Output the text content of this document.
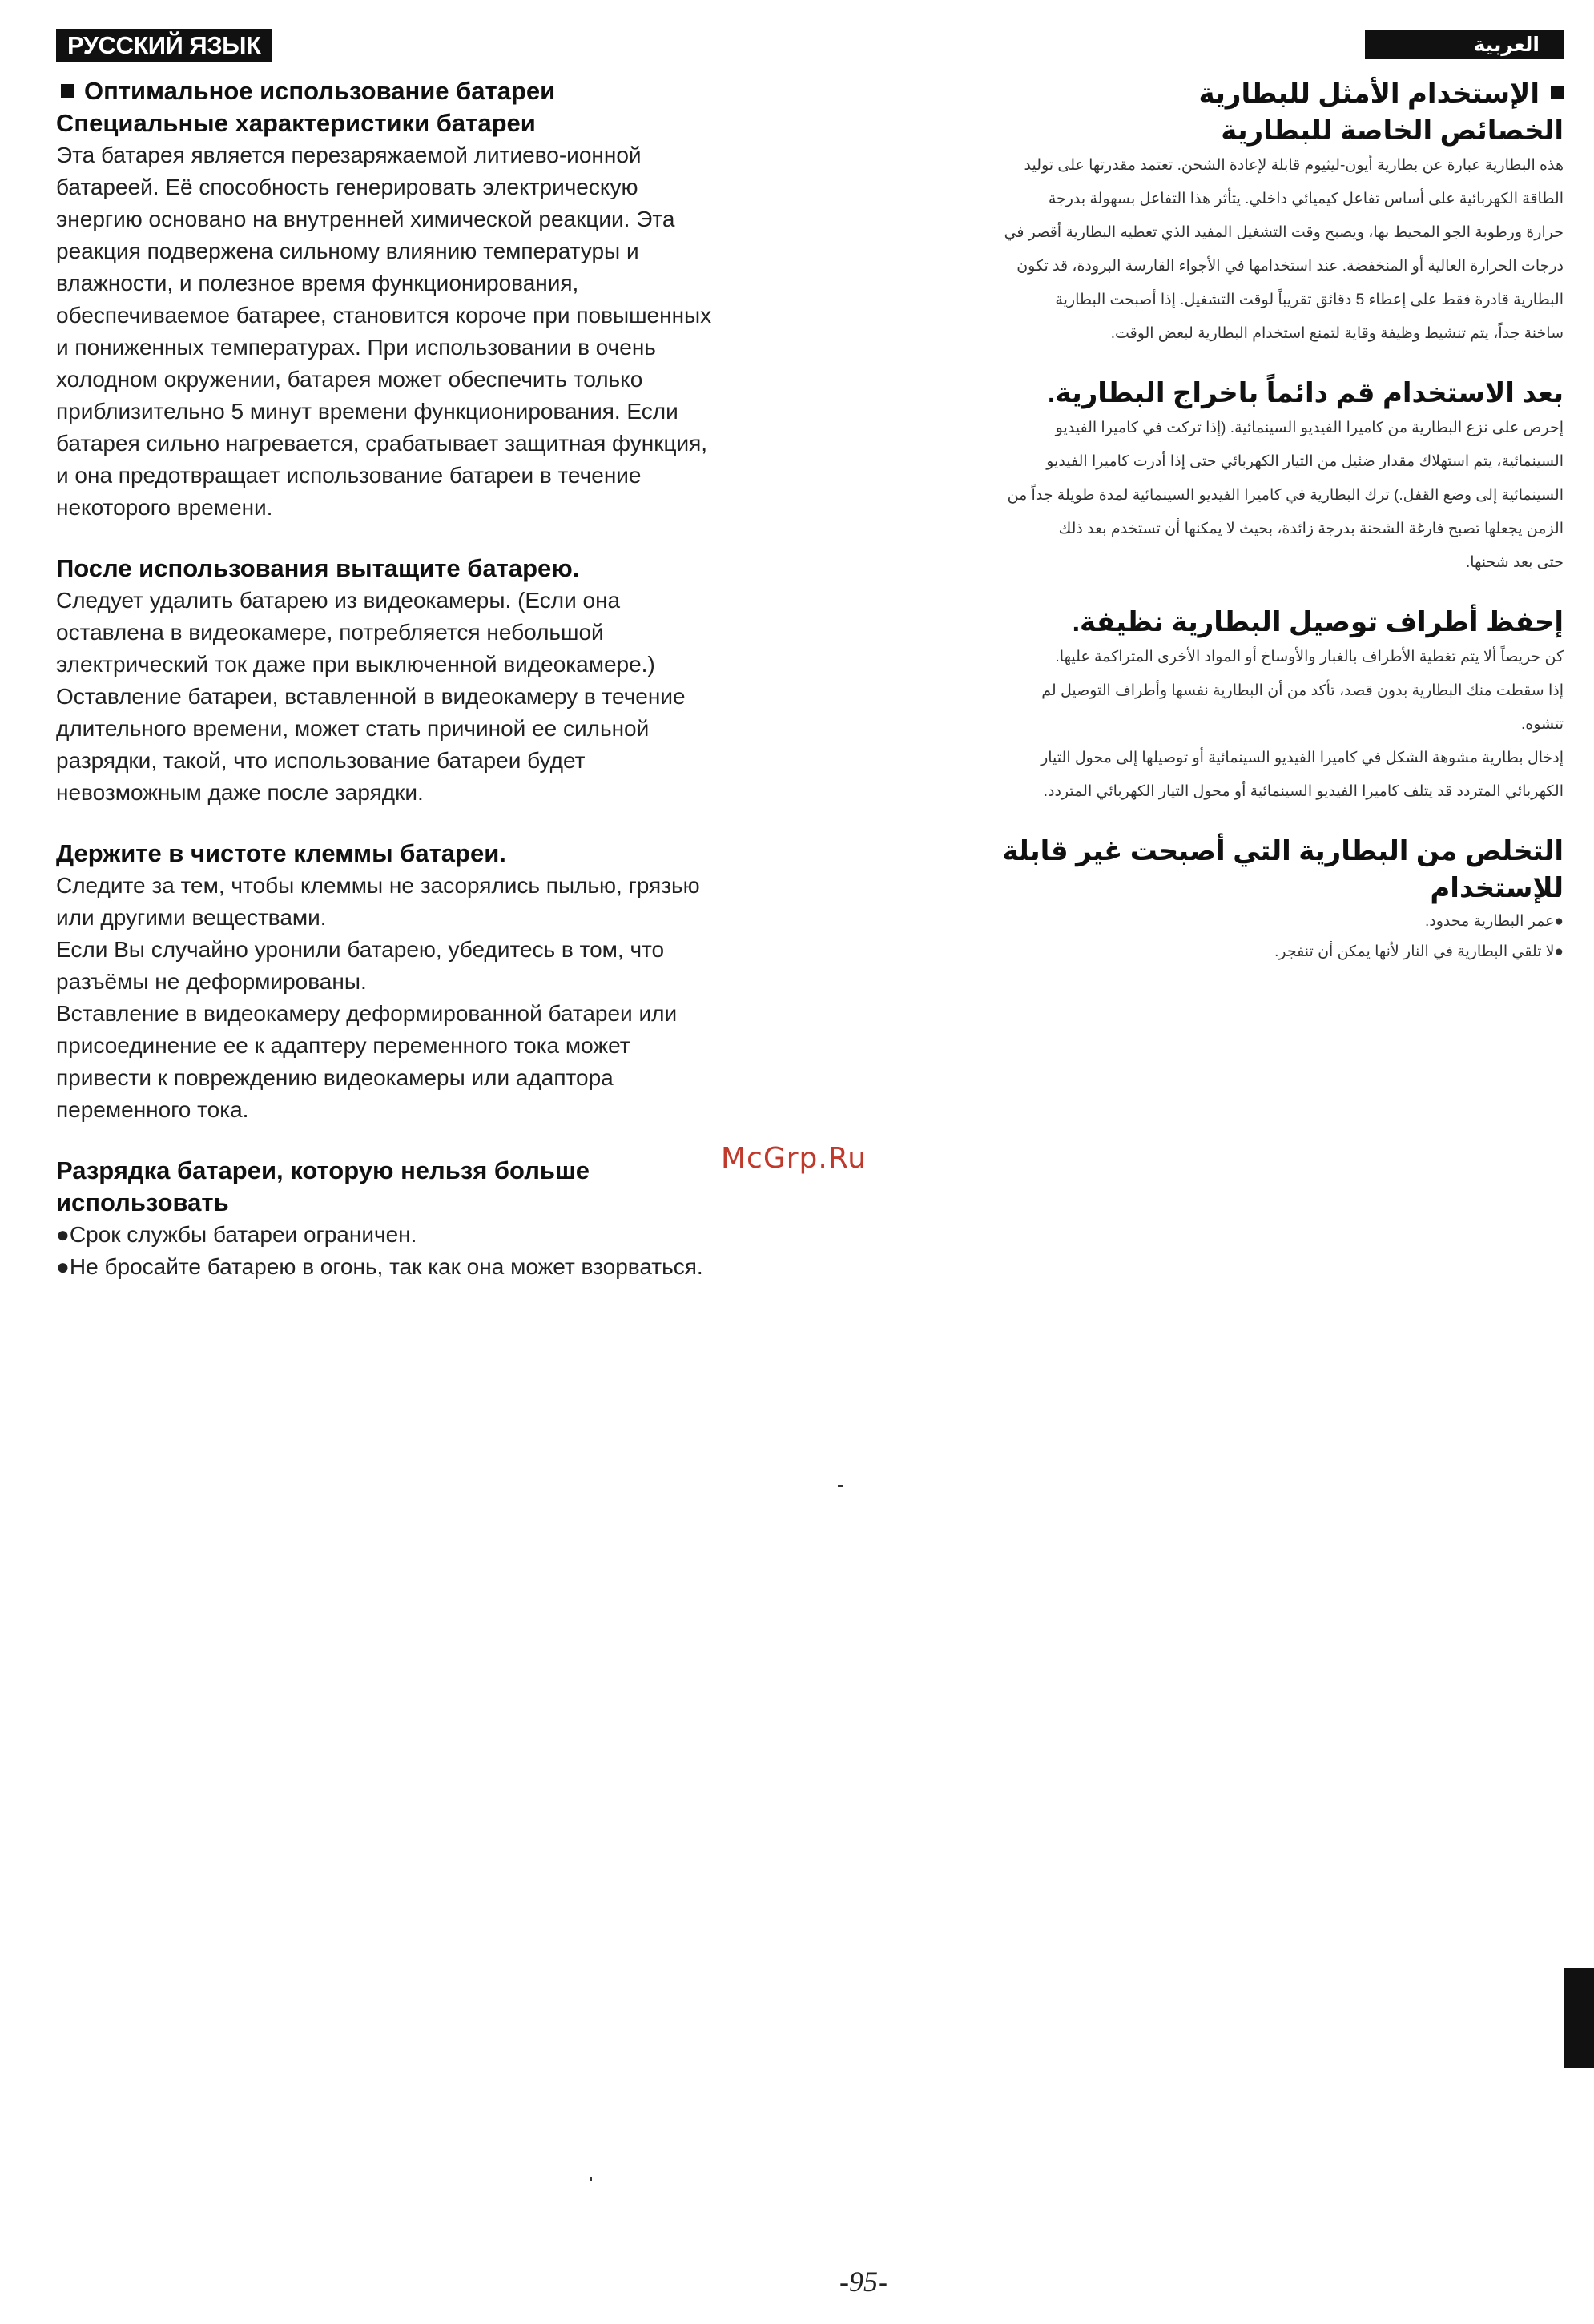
РУССКИЙ ЯЗЫК	العربية
Оптимальное использование батареи
Специальные характеристики батареи

Эта батарея является перезаряжаемой литиево-ионной

батареей. Её способность генерировать электрическую

энергию основано на внутренней химической реакции. Эта

реакция подвержена сильному влиянию температуры и

влажности, и полезное время функционирования,

обеспечиваемое батарее, становится короче при повышенных

и пониженных температурах. При использовании в очень

холодном окружении, батарея может обеспечить только

приблизительно 5 минут времени функционирования. Если

батарея сильно нагревается, срабатывает защитная функция,

и она предотвращает использование батареи в течение

некоторого времени.

После использования вытащите батарею.

Следует удалить батарею из видеокамеры. (Если она

оставлена в видеокамере, потребляется небольшой

электрический ток даже при выключенной видеокамере.)

Оставление батареи, вставленной в видеокамеру в течение

длительного времени, может стать причиной ее сильной

разрядки, такой, что использование батареи будет

невозможным даже после зарядки.

Держите в чистоте клеммы батареи.

Следите за тем, чтобы клеммы не засорялись пылью, грязью

или другими веществами.

Если Вы случайно уронили батарею, убедитесь в том, что

разъёмы не деформированы.

Вставление в видеокамеру деформированной батареи или

присоединение ее к адаптеру переменного тока может

привести к повреждению видеокамеры или адаптора

переменного тока.

Разрядка батареи, которую нельзя больше
использовать

●Срок службы батареи ограничен.

●Не бросайте батарею в огонь, так как она может взорваться.

الإستخدام الأمثل للبطارية
الخصائص الخاصة للبطارية

هذه البطارية عبارة عن بطارية أيون-ليثيوم قابلة لإعادة الشحن. تعتمد مقدرتها على توليد

الطاقة الكهربائية على أساس تفاعل كيميائي داخلي. يتأثر هذا التفاعل بسهولة بدرجة

حرارة ورطوبة الجو المحيط بها، ويصبح وقت التشغيل المفيد الذي تعطيه البطارية أقصر في

درجات الحرارة العالية أو المنخفضة. عند استخدامها في الأجواء القارسة البرودة، قد تكون

البطارية قادرة فقط على إعطاء 5 دقائق تقريباً لوقت التشغيل. إذا أصبحت البطارية

ساخنة جداً، يتم تنشيط وظيفة وقاية لتمنع استخدام البطارية لبعض الوقت.

بعد الاستخدام قم دائماً باخراج البطارية.

إحرص على نزع البطارية من كاميرا الفيديو السينمائية. (إذا تركت في كاميرا الفيديو

السينمائية، يتم استهلاك مقدار ضئيل من التيار الكهربائي حتى إذا أدرت كاميرا الفيديو

السينمائية إلى وضع القفل.) ترك البطارية في كاميرا الفيديو السينمائية لمدة طويلة جداً من

الزمن يجعلها تصبح فارغة الشحنة بدرجة زائدة، بحيث لا يمكنها أن تستخدم بعد ذلك

حتى بعد شحنها.

إحفظ أطراف توصيل البطارية نظيفة.

كن حريصاً ألا يتم تغطية الأطراف بالغبار والأوساخ أو المواد الأخرى المتراكمة عليها.

إذا سقطت منك البطارية بدون قصد، تأكد من أن البطارية نفسها وأطراف التوصيل لم

تتشوه.

إدخال بطارية مشوهة الشكل في كاميرا الفيديو السينمائية أو توصيلها إلى محول التيار

الكهربائي المتردد قد يتلف كاميرا الفيديو السينمائية أو محول التيار الكهربائي المتردد.

التخلص من البطارية التي أصبحت غير قابلة
للإستخدام

●عمر البطارية محدود.

●لا تلقي البطارية في النار لأنها يمكن أن تنفجر.

McGrp.Ru
-95-
